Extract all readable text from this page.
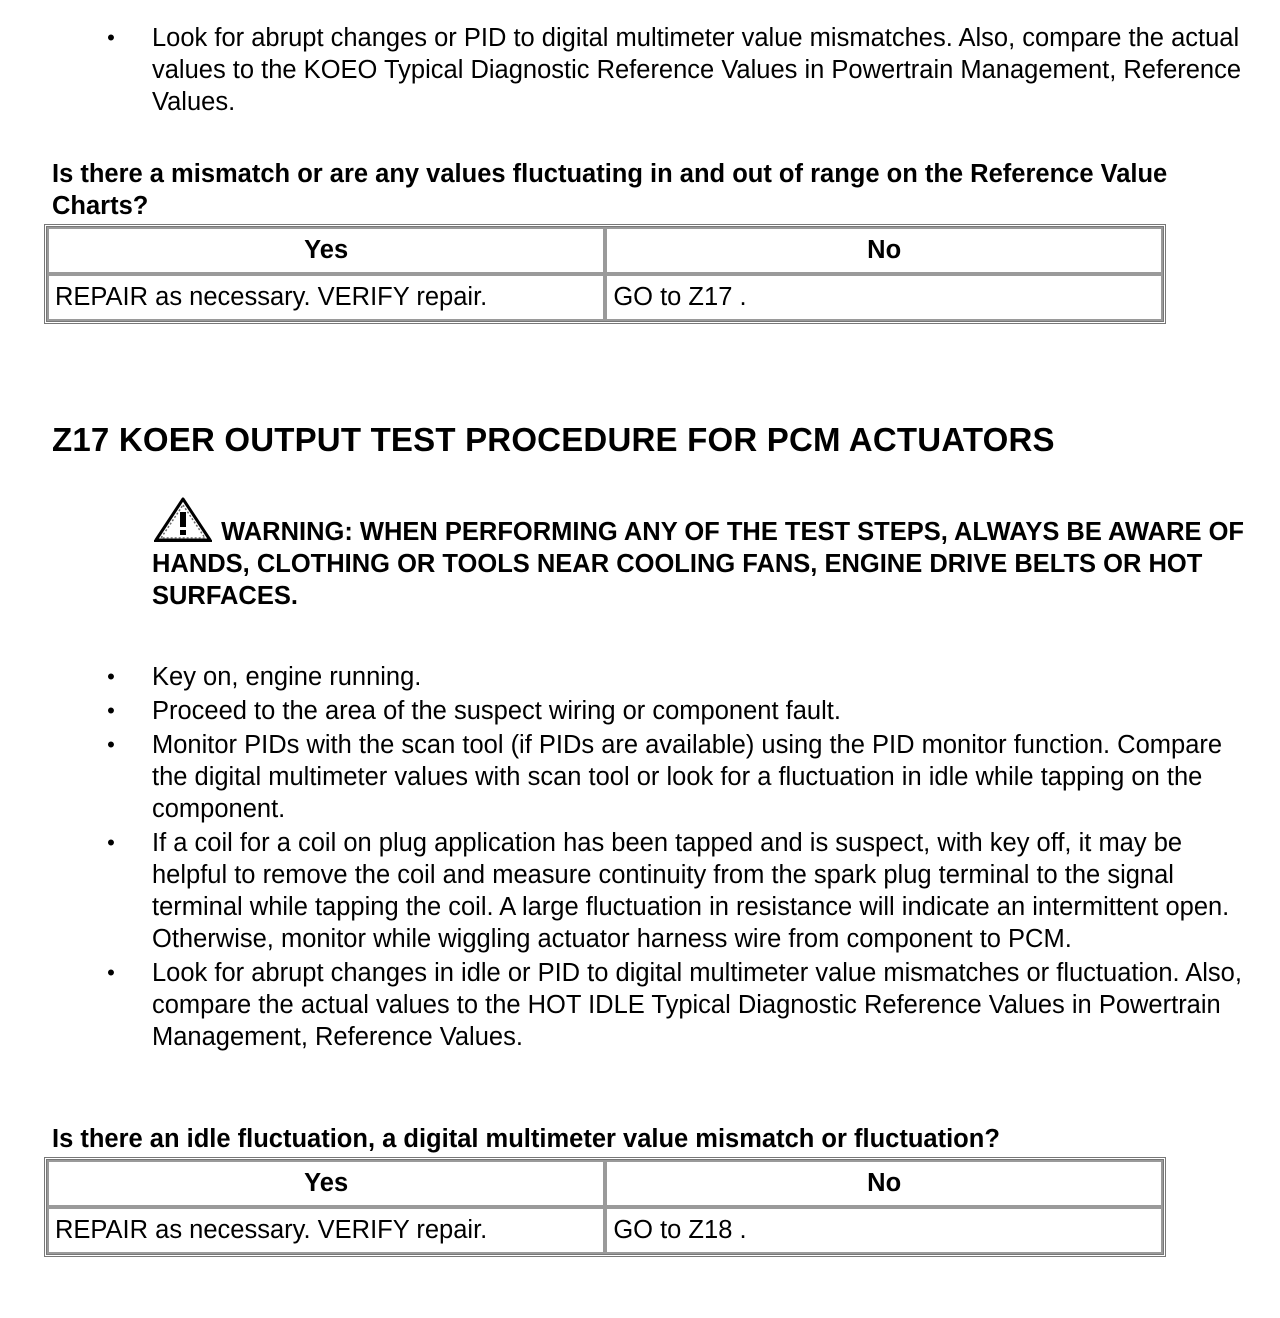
• Look for abrupt changes or PID to digital multimeter value mismatches. Also, compare the actual values to the KOEO Typical Diagnostic Reference Values in Powertrain Management, Reference Values.

Is there a mismatch or are any values fluctuating in and out of range on the Reference Value Charts?

Yes	No
REPAIR as necessary. VERIFY repair.	GO to Z17 .
Z17 KOER OUTPUT TEST PROCEDURE FOR PCM ACTUATORS
WARNING: WHEN PERFORMING ANY OF THE TEST STEPS, ALWAYS BE AWARE OF HANDS, CLOTHING OR TOOLS NEAR COOLING FANS, ENGINE DRIVE BELTS OR HOT SURFACES.
• Key on, engine running.
• Proceed to the area of the suspect wiring or component fault.
• Monitor PIDs with the scan tool (if PIDs are available) using the PID monitor function. Compare the digital multimeter values with scan tool or look for a fluctuation in idle while tapping on the component.
• If a coil for a coil on plug application has been tapped and is suspect, with key off, it may be helpful to remove the coil and measure continuity from the spark plug terminal to the signal terminal while tapping the coil. A large fluctuation in resistance will indicate an intermittent open. Otherwise, monitor while wiggling actuator harness wire from component to PCM.
• Look for abrupt changes in idle or PID to digital multimeter value mismatches or fluctuation. Also, compare the actual values to the HOT IDLE Typical Diagnostic Reference Values in Powertrain Management, Reference Values.

Is there an idle fluctuation, a digital multimeter value mismatch or fluctuation?

Yes	No
REPAIR as necessary. VERIFY repair.	GO to Z18 .
